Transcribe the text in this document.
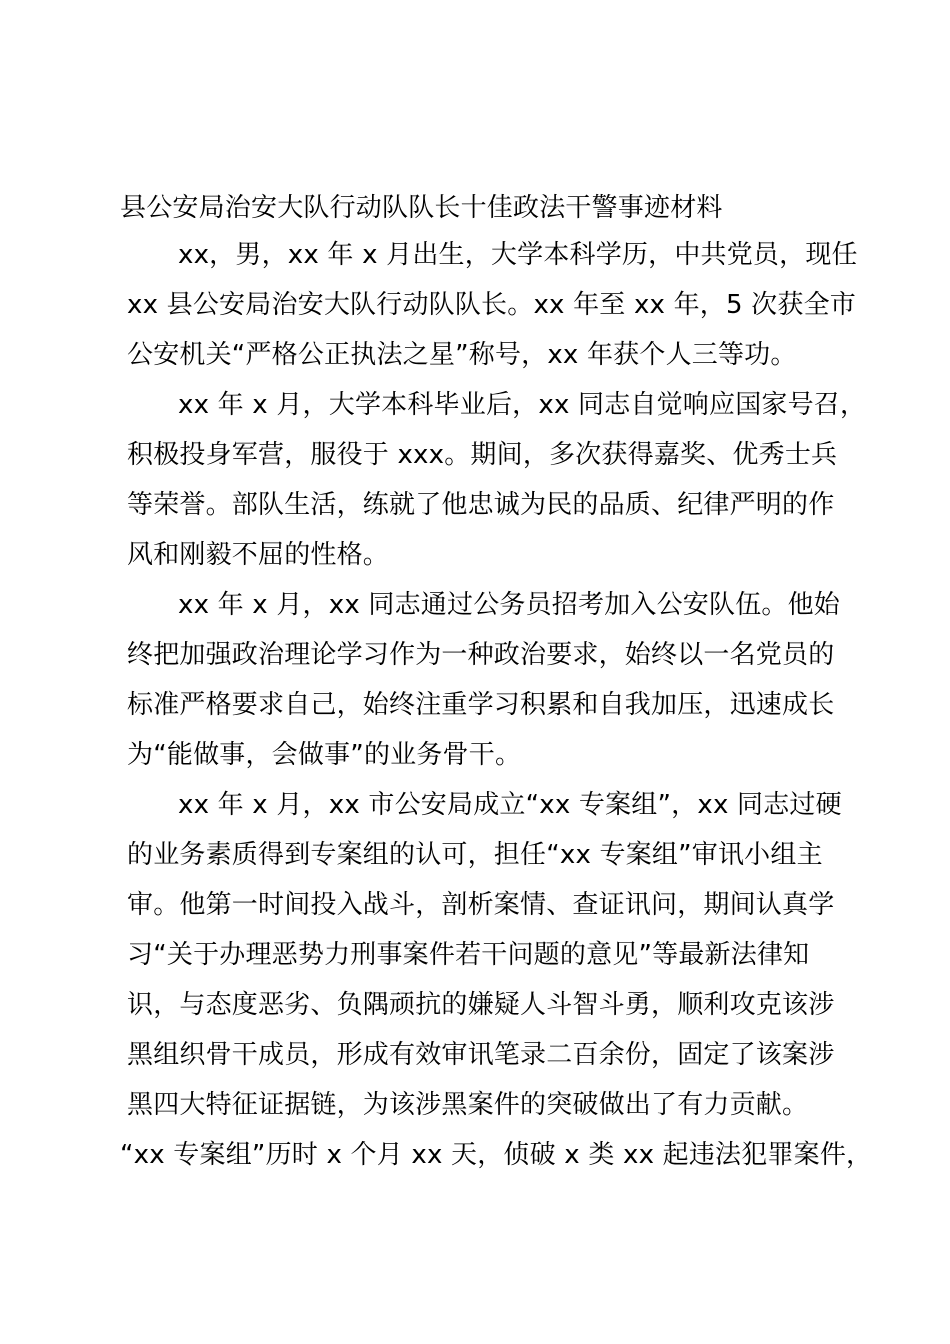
县公安局治安大队行动队队长十佳政法干警事迹材料
xx，男，xx 年 x 月出生，大学本科学历，中共党员，现任
xx 县公安局治安大队行动队队长。xx 年至 xx 年，5 次获全市
公安机关“严格公正执法之星”称号，xx 年获个人三等功。
xx 年 x 月，大学本科毕业后，xx 同志自觉响应国家号召，
积极投身军营，服役于 xxx。期间，多次获得嘉奖、优秀士兵
等荣誉。部队生活，练就了他忠诚为民的品质、纪律严明的作
风和刚毅不屈的性格。
xx 年 x 月，xx 同志通过公务员招考加入公安队伍。他始
终把加强政治理论学习作为一种政治要求，始终以一名党员的
标准严格要求自己，始终注重学习积累和自我加压，迅速成长
为“能做事，会做事”的业务骨干。
xx 年 x 月，xx 市公安局成立“xx 专案组”，xx 同志过硬
的业务素质得到专案组的认可，担任“xx 专案组”审讯小组主
审。他第一时间投入战斗，剖析案情、查证讯问，期间认真学
习“关于办理恶势力刑事案件若干问题的意见”等最新法律知
识，与态度恶劣、负隅顽抗的嫌疑人斗智斗勇，顺利攻克该涉
黑组织骨干成员，形成有效审讯笔录二百余份，固定了该案涉
黑四大特征证据链，为该涉黑案件的突破做出了有力贡献。
“xx 专案组”历时 x 个月 xx 天，侦破 x 类 xx 起违法犯罪案件，
